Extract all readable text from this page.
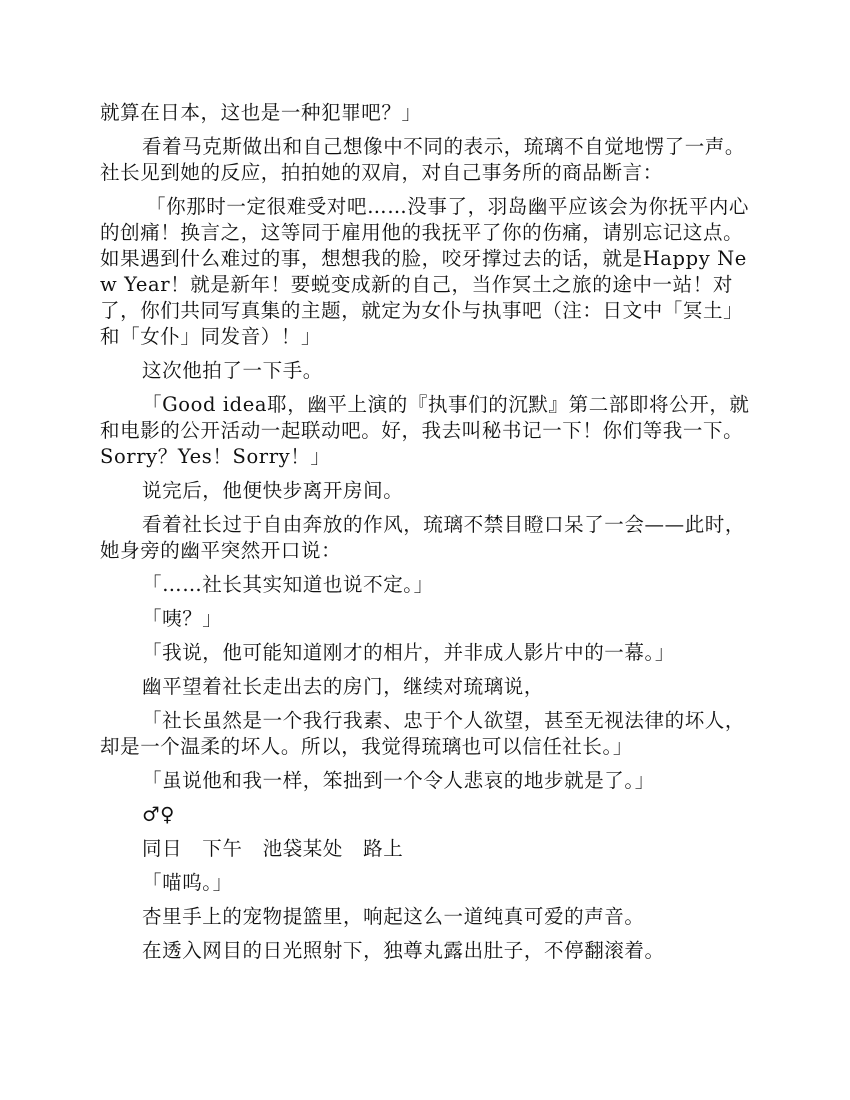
就算在日本，这也是一种犯罪吧？」

看着马克斯做出和自己想像中不同的表示，琉璃不自觉地愣了一声。社长见到她的反应，拍拍她的双肩，对自己事务所的商品断言：

「你那时一定很难受对吧……没事了，羽岛幽平应该会为你抚平内心的创痛！换言之，这等同于雇用他的我抚平了你的伤痛，请别忘记这点。如果遇到什么难过的事，想想我的脸，咬牙撑过去的话，就是Happy New Year！就是新年！要蜕变成新的自己，当作冥土之旅的途中一站！对了，你们共同写真集的主题，就定为女仆与执事吧（注：日文中「冥土」和「女仆」同发音）！」

这次他拍了一下手。

「Good idea耶，幽平上演的『执事们的沉默』第二部即将公开，就和电影的公开活动一起联动吧。好，我去叫秘书记一下！你们等我一下。Sorry？Yes！Sorry！」

说完后，他便快步离开房间。

看着社长过于自由奔放的作风，琉璃不禁目瞪口呆了一会——此时，她身旁的幽平突然开口说：

「……社长其实知道也说不定。」

「咦？」

「我说，他可能知道刚才的相片，并非成人影片中的一幕。」

幽平望着社长走出去的房门，继续对琉璃说，

「社长虽然是一个我行我素、忠于个人欲望，甚至无视法律的坏人，却是一个温柔的坏人。所以，我觉得琉璃也可以信任社长。」

「虽说他和我一样，笨拙到一个令人悲哀的地步就是了。」

♂♀

同日　下午　池袋某处　路上

「喵呜。」

杏里手上的宠物提篮里，响起这么一道纯真可爱的声音。

在透入网目的日光照射下，独尊丸露出肚子，不停翻滚着。
